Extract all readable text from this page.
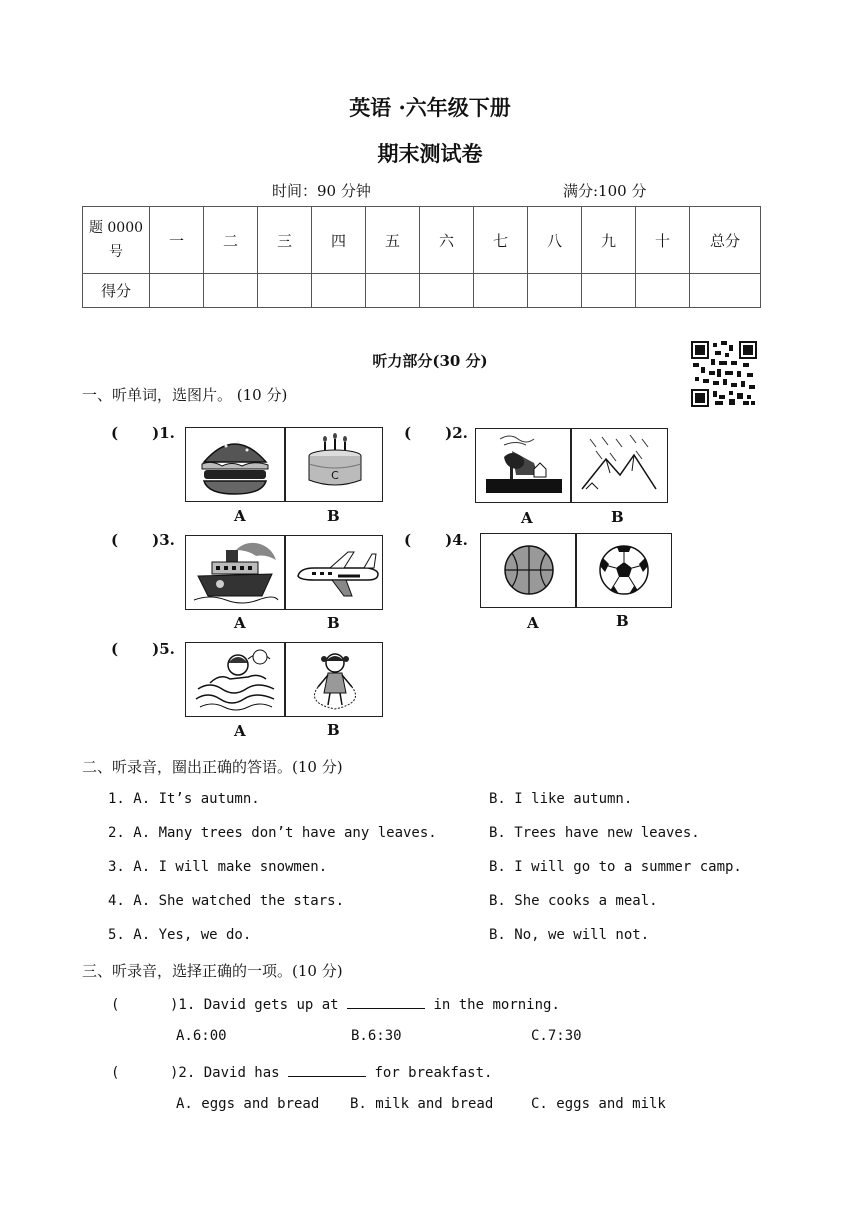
英语 ·六年级下册
期末测试卷
时间：90 分钟	满分:100 分
题 0000 号	一	二	三	四	五	六	七	八	九	十	总分
得分											
听力部分(30 分)
一、听单词，选图片。 (10 分)
( )1.	( )2.
( )3.	( )4.
( )5.
C
A	B	A	B
A	B	A	B
A	B
二、听录音，圈出正确的答语。(10 分)
1. A. It’s autumn.	B. I like autumn.
2. A. Many trees don’t have any leaves.	B. Trees have new leaves.
3. A. I will make snowmen.	B. I will go to a summer camp.
4. A. She watched the stars.	B. She cooks a meal.
5. A. Yes, we do.	B. No, we will not.
三、听录音，选择正确的一项。(10 分)
(      )1. David gets up at	in the morning.
A.6:00	B.6:30	C.7:30
(      )2. David has	for breakfast.
A. eggs and bread B. milk and bread	C. eggs and milk
